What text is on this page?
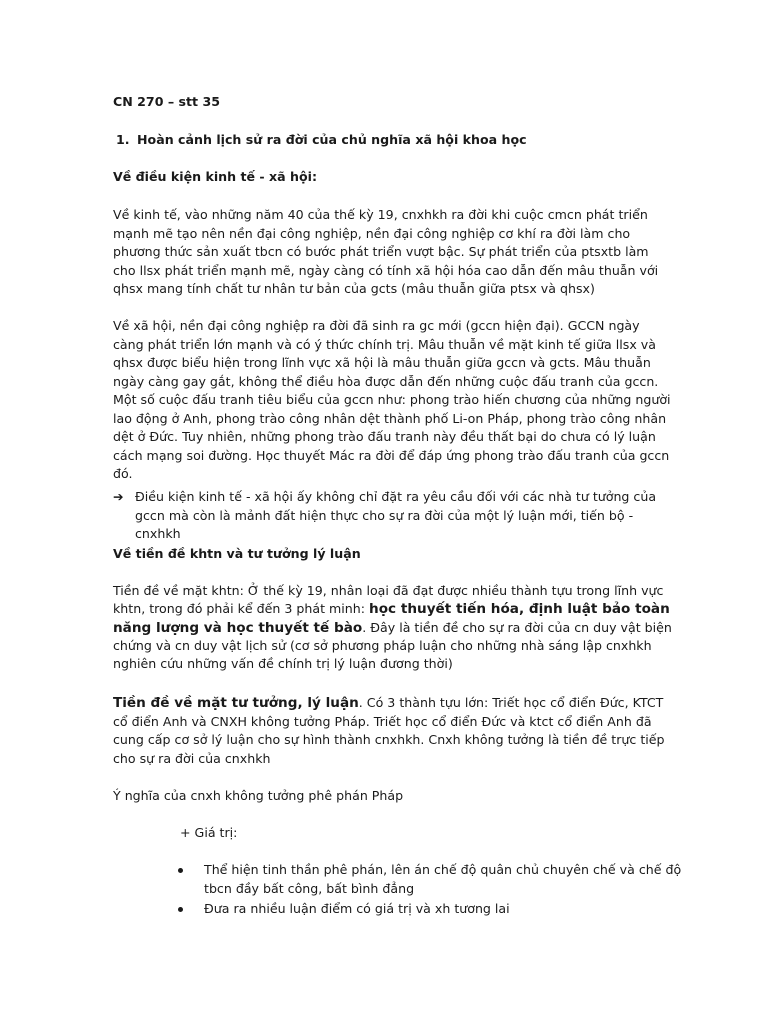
CN 270 – stt 35

1. Hoàn cảnh lịch sử ra đời của chủ nghĩa xã hội khoa học

Về điều kiện kinh tế - xã hội:

Về kinh tế, vào những năm 40 của thế kỳ 19, cnxhkh ra đời khi cuộc cmcn phát triển mạnh mẽ tạo nên nền đại công nghiệp, nền đại công nghiệp cơ khí ra đời làm cho phương thức sản xuất tbcn có bước phát triển vượt bậc. Sự phát triển của ptsxtb làm cho llsx phát triển mạnh mẽ, ngày càng có tính xã hội hóa cao dẫn đến mâu thuẫn với qhsx mang tính chất tư nhân tư bản của gcts (mâu thuẫn giữa ptsx và qhsx)

Về xã hội, nền đại công nghiệp ra đời đã sinh ra gc mới (gccn hiện đại). GCCN ngày càng phát triển lớn mạnh và có ý thức chính trị. Mâu thuẫn về mặt kinh tế giữa llsx và qhsx được biểu hiện trong lĩnh vực xã hội là mâu thuẫn giữa gccn và gcts. Mâu thuẫn ngày càng gay gắt, không thể điều hòa được dẫn đến những cuộc đấu tranh của gccn. Một số cuộc đấu tranh tiêu biểu của gccn như: phong trào hiến chương của những người lao động ở Anh, phong trào công nhân dệt thành phố Li-on Pháp, phong trào công nhân dệt ở Đức. Tuy nhiên, những phong trào đấu tranh này đều thất bại do chưa có lý luận cách mạng soi đường. Học thuyết Mác ra đời để đáp ứng phong trào đấu tranh của gccn đó.

➔ Điều kiện kinh tế - xã hội ấy không chỉ đặt ra yêu cầu đối với các nhà tư tưởng của gccn mà còn là mảnh đất hiện thực cho sự ra đời của một lý luận mới, tiến bộ - cnxhkh

Về tiền đề khtn và tư tưởng lý luận

Tiền đề về mặt khtn: Ở thế kỳ 19, nhân loại đã đạt được nhiều thành tựu trong lĩnh vực khtn, trong đó phải kể đến 3 phát minh: học thuyết tiến hóa, định luật bảo toàn năng lượng và học thuyết tế bào. Đây là tiền đề cho sự ra đời của cn duy vật biện chứng và cn duy vật lịch sử (cơ sở phương pháp luận cho những nhà sáng lập cnxhkh nghiên cứu những vấn đề chính trị lý luận đương thời)

Tiền đề về mặt tư tưởng, lý luận. Có 3 thành tựu lớn: Triết học cổ điển Đức, KTCT cổ điển Anh và CNXH không tưởng Pháp. Triết học cổ điển Đức và ktct cổ điển Anh đã cung cấp cơ sở lý luận cho sự hình thành cnxhkh. Cnxh không tưởng là tiền đề trực tiếp cho sự ra đời của cnxhkh

Ý nghĩa của cnxh không tưởng phê phán Pháp

+ Giá trị:

Thể hiện tinh thần phê phán, lên án chế độ quân chủ chuyên chế và chế độ tbcn đầy bất công, bất bình đẳng
Đưa ra nhiều luận điểm có giá trị và xh tương lai
